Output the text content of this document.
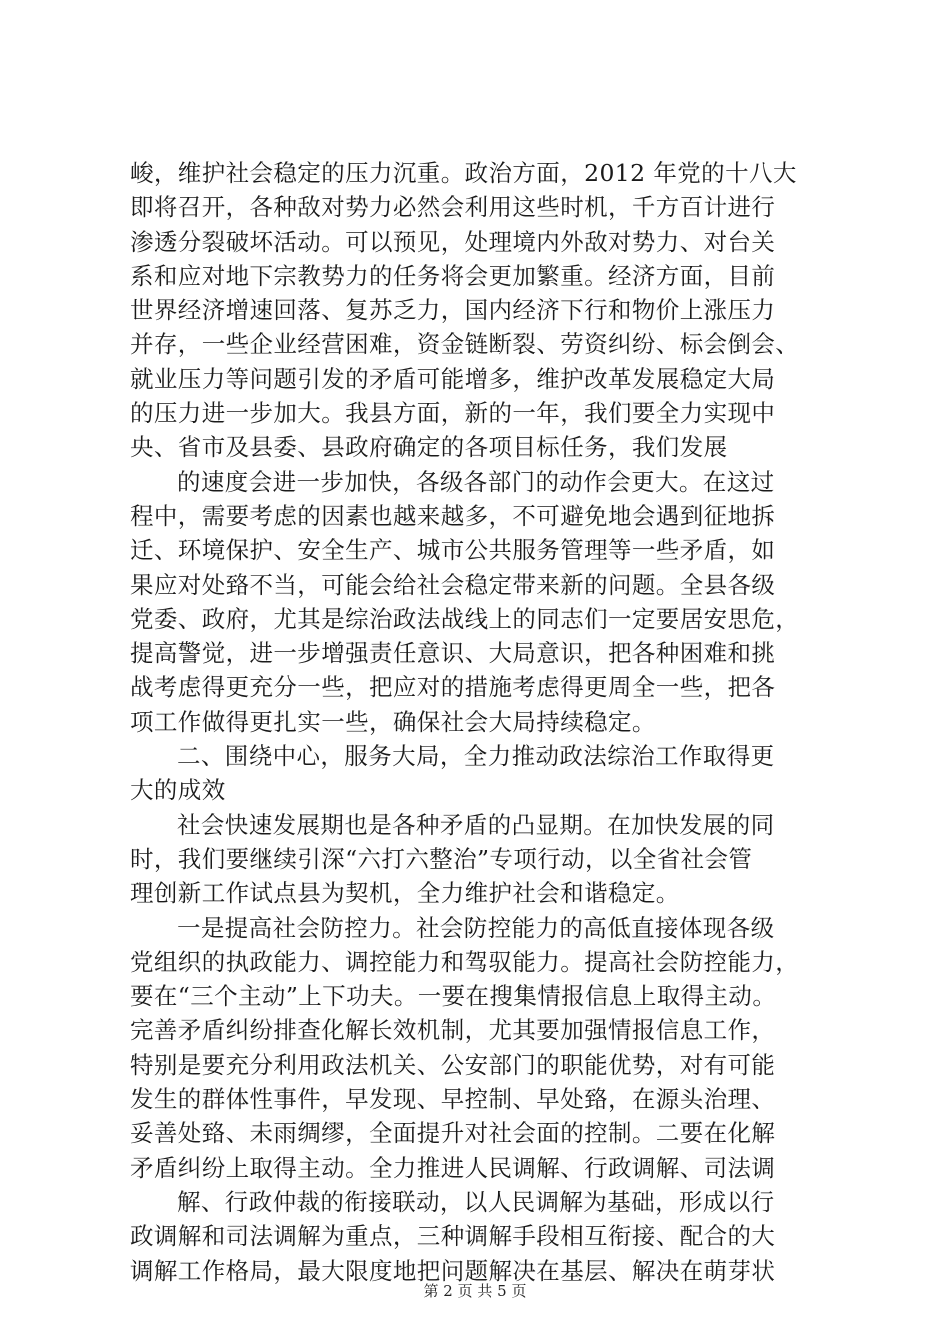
峻，维护社会稳定的压力沉重。政治方面，2012 年党的十八大
即将召开，各种敌对势力必然会利用这些时机，千方百计进行
渗透分裂破坏活动。可以预见，处理境内外敌对势力、对台关
系和应对地下宗教势力的任务将会更加繁重。经济方面，目前
世界经济增速回落、复苏乏力，国内经济下行和物价上涨压力
并存，一些企业经营困难，资金链断裂、劳资纠纷、标会倒会、
就业压力等问题引发的矛盾可能增多，维护改革发展稳定大局
的压力进一步加大。我县方面，新的一年，我们要全力实现中
央、省市及县委、县政府确定的各项目标任务，我们发展
的速度会进一步加快，各级各部门的动作会更大。在这过
程中，需要考虑的因素也越来越多，不可避免地会遇到征地拆
迁、环境保护、安全生产、城市公共服务管理等一些矛盾，如
果应对处臵不当，可能会给社会稳定带来新的问题。全县各级
党委、政府，尤其是综治政法战线上的同志们一定要居安思危，
提高警觉，进一步增强责任意识、大局意识，把各种困难和挑
战考虑得更充分一些，把应对的措施考虑得更周全一些，把各
项工作做得更扎实一些，确保社会大局持续稳定。
二、围绕中心，服务大局，全力推动政法综治工作取得更
大的成效
社会快速发展期也是各种矛盾的凸显期。在加快发展的同
时，我们要继续引深“六打六整治”专项行动，以全省社会管
理创新工作试点县为契机，全力维护社会和谐稳定。
一是提高社会防控力。社会防控能力的高低直接体现各级
党组织的执政能力、调控能力和驾驭能力。提高社会防控能力，
要在“三个主动”上下功夫。一要在搜集情报信息上取得主动。
完善矛盾纠纷排查化解长效机制，尤其要加强情报信息工作，
特别是要充分利用政法机关、公安部门的职能优势，对有可能
发生的群体性事件，早发现、早控制、早处臵，在源头治理、
妥善处臵、未雨绸缪，全面提升对社会面的控制。二要在化解
矛盾纠纷上取得主动。全力推进人民调解、行政调解、司法调
解、行政仲裁的衔接联动，以人民调解为基础，形成以行
政调解和司法调解为重点，三种调解手段相互衔接、配合的大
调解工作格局，最大限度地把问题解决在基层、解决在萌芽状
第 2 页 共 5 页
